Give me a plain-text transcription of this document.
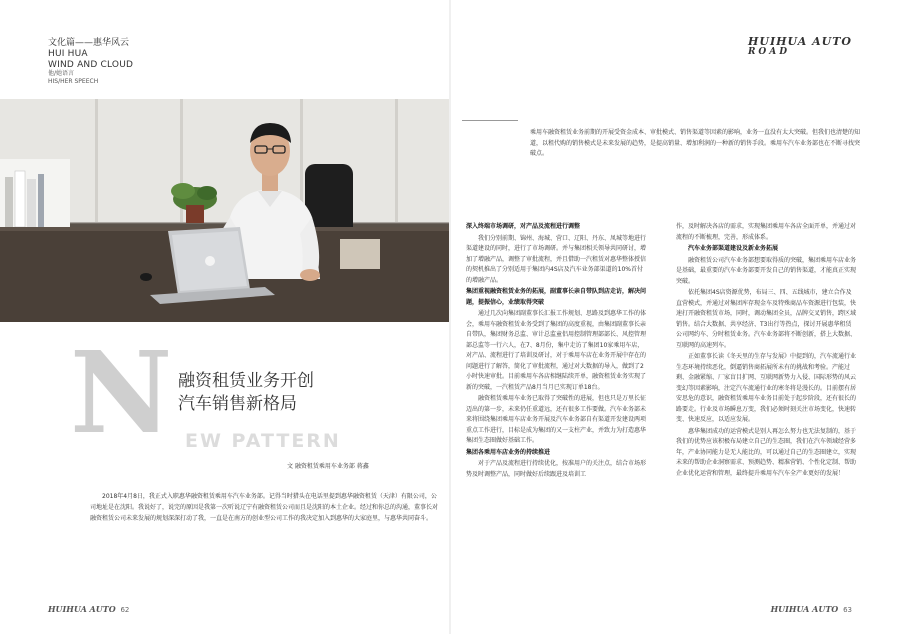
文化篇——惠华风云
HUI HUA
WIND AND CLOUD
他/她语言
HIS/HER SPEECH
HUIHUA AUTO
ROAD
乘用车融资租赁业务前期的开展受资金成本、审批模式、销售渠道等因素的影响，业务一直没有太大突破。但我们也清楚的知道，以租代购的销售模式是未来发展的趋势，是提高销量、增加利润的一种新的销售手段。乘用车汽车业务部也在不断寻找突破点。
N 融资租赁业务开创
汽车销售新格局
EW PATTERN
文 融资租赁乘用车业务部 蒋鑫
2018年4月8日，我正式入职惠华融资租赁乘用车汽车业务部。记得当时猎头在电话里提到惠华融资租赁（天津）有限公司，公司地址是在沈阳。我说好了，说完的原因是我第一次听说辽宁有融资租赁公司而且是沈阳的本土企业。经过和你总的沟通，董事长对融资租赁公司未来发展的规划深深打动了我，一直是在南方的创业型公司工作的我决定加入到惠华的大家庭里，与惠华共同奋斗。

深入终端市场调研，对产品及流程进行调整

我们分别前期、锦州、海城、营口、辽阳、丹东、凤城等地进行渠道建设的同时，进行了市场调研。并与集团相关领导共同研讨，增加了增融产品，调整了审批流程，并且借助一汽租赁对惠华整体授信的契机推出了分别适用于集团内4S店及汽车业务部渠道的10%首付的增融产品。

集团重视融资租赁业务的拓展，副董事长亲自带队到店走访，解决问题，提振信心，业绩取得突破

通过几次向集团副董事长汇报工作规划、思路及到惠华工作的体会，乘用车融资租赁业务受到了集团的高度重视，由集团副董事长亲自带队，集团财务总监、审计总监童侣用控制管理部部长、风控管理部总监等一行六人，在7、8月份，集中走访了集团10家乘用车店，对产品、流程进行了培训及研讨，对于乘用车店在业务开展中存在的问题进行了解答，简化了审批流程，通过对大数据的导入，做到了2小时快速审批。目前乘用车各店相继陆续开单，融资租赁业务实现了新的突破，一汽租赁产品8月当月已实现订单18台。

融资租赁乘用车业务已取得了突破性的进展，但也只是万里长征迈出的第一步，未来仍任重道远，还有很多工作要做。汽车业务部未来将围绕集团乘用车店业务开展及汽车业务部自有渠道开发建设两项重点工作进行，目标是成为集团的又一支柱产业，并致力为打造惠华集团生态圈做好基础工作。

集团各乘用车店业务的持续推进

对于产品及流程进行持续优化，按准用户的关注点，结合市场形势及时调整产品，同时做好后续跟进及培训工

作，及时解决各店的需求，实现集团乘用车各店全面开单，并通过对流程的不断梳理，完善，形成体系。

汽车业务部渠道建设及新业务拓展

融资租赁公司汽车业务部想要取得质的突破，集团乘用车店业务是基础，最重要的汽车业务部要开发自己的销售渠道，才能真正实现突破。

依托集团4S店资源优势，布局三、四、五线城市，建立合作及直营模式，并通过对集团库存现金车及特殊商品车资源进行包装，快速打开融资租赁市场，同时，调动集团全员，品牌交叉销售，跨区域销售。结合大数据、共享经济、T3出行等热点，探讨开展惠华租赁公司网约车、分时租赁业务。汽车业务部将不断创新，搭上大数据、互联网的高速列车。

正如董事长读《冬天里的生存与发展》中提到的，汽车流通行业生态环境持续恶化，倒逼销售商拓展所未有的挑战和考验。产能过剩、金融紧缩、厂家盲目扩网、互联网新势力入侵、国际形势的风云变幻等因素影响，注定汽车流通行业的寒冬将是漫长的。目前摆有居安思危的意识，融资租赁乘用车业务目前处于起步阶段，还有很长的路要走。行业及市场瞬息万变，我们必须时刻关注市场变化，快速转变、快速反应，以适应发展。

惠华集团成功的运营模式是别人再怎么努力也无法复制的，基于我们的优势应该积极布局建立自己的生态圈，我们在汽车领域经营多年，产业协同能力是无人能比的，可以通过自己的生态圈建立，实现未来的帮助企业洞察需求、预测趋势、精准营销、个性化定制、帮助企业优化运营和管理，最终提升乘用车汽车全产业更好的发展！

HUIHUA AUTO 62	HUIHUA AUTO 63
